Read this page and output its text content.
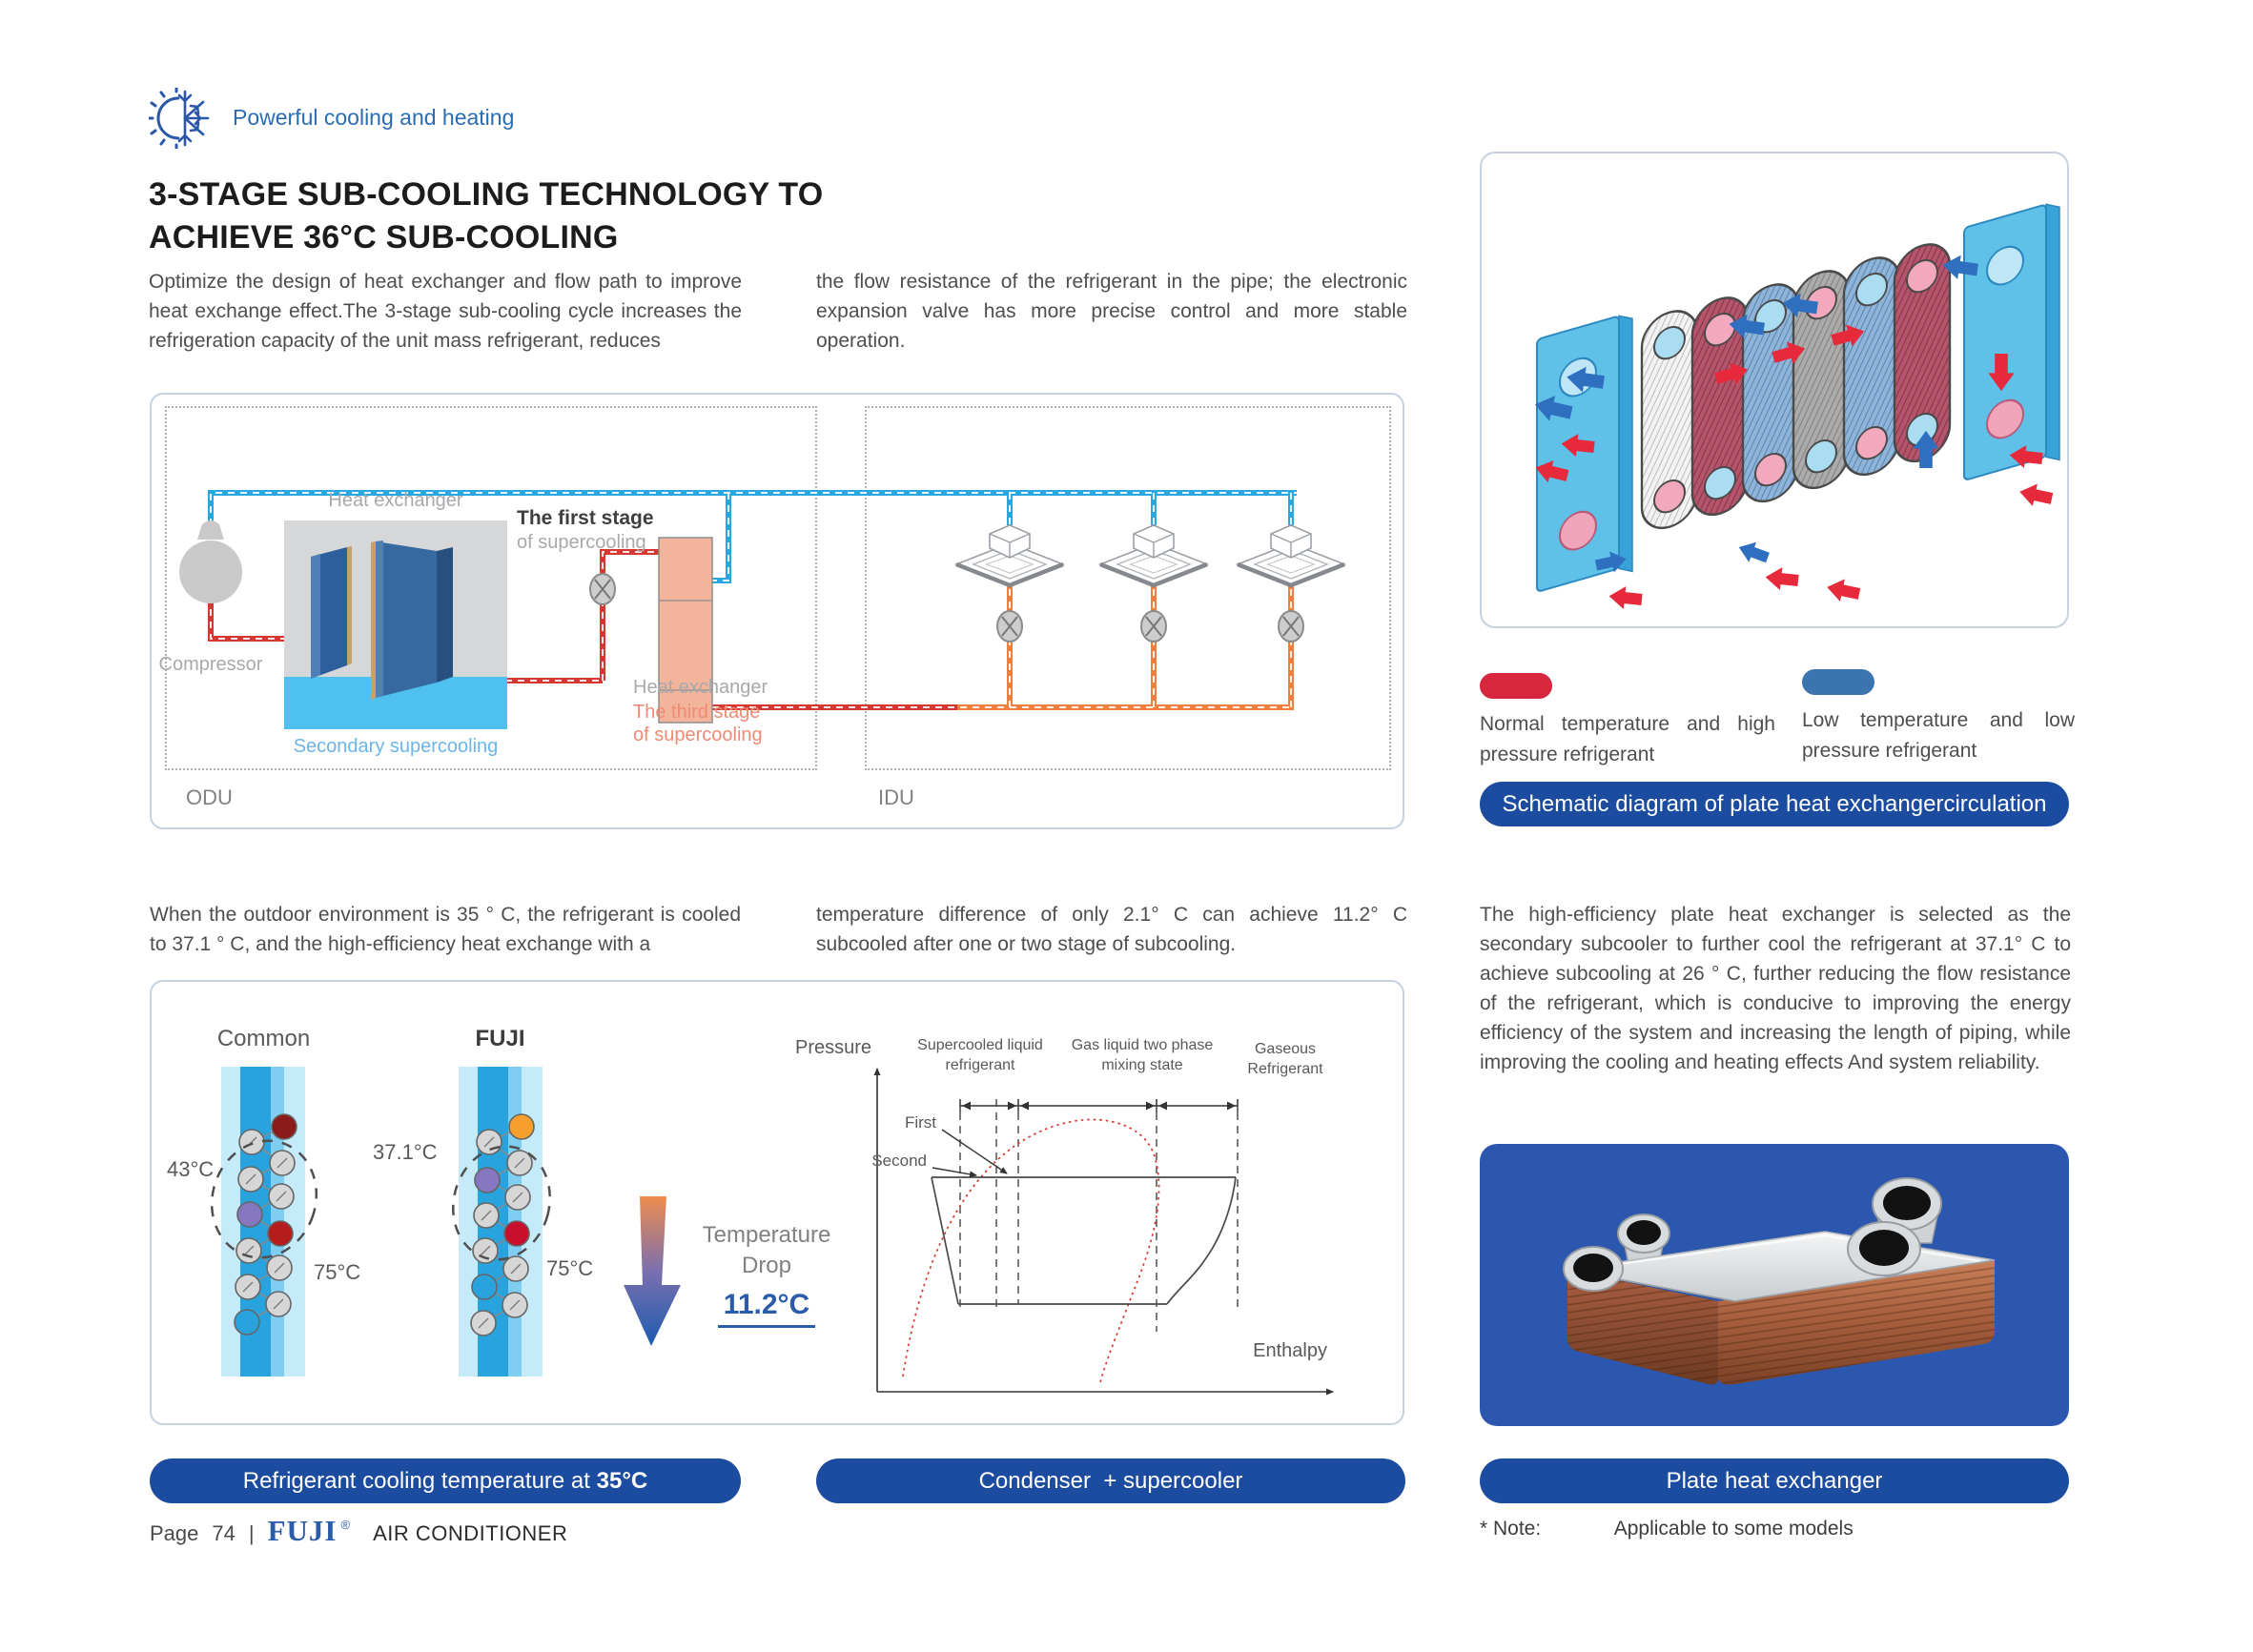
Powerful cooling and heating
3-STAGE SUB-COOLING TECHNOLOGY TO
ACHIEVE 36°C SUB-COOLING
Optimize the design of heat exchanger and flow path to improve heat exchange effect.The 3-stage sub-cooling cycle increases the refrigeration capacity of the unit mass refrigerant, reduces
the flow resistance of the refrigerant in the pipe; the electronic expansion valve has more precise control and more stable operation.
Heat exchanger
Secondary supercooling
Compressor
The first stage
of supercooling
Heat exchanger
The third stage
of supercooling
ODU	IDU
Normal temperature and high pressure refrigerant
Low temperature and low pressure refrigerant
Schematic diagram of plate heat exchangercirculation
When the outdoor environment is 35 ° C, the refrigerant is cooled to 37.1 ° C, and the high-efficiency heat exchange with a
temperature difference of only 2.1° C can achieve 11.2° C subcooled after one or two stage of subcooling.
The high-efficiency plate heat exchanger is selected as the secondary subcooler to further cool the refrigerant at 37.1° C to achieve subcooling at 26 ° C, further reducing the flow resistance of the refrigerant, which is conducive to improving the energy efficiency of the system and increasing the length of piping, while improving the cooling and heating effects And system reliability.
Common	FUJI
43°C
75°C
37.1°C
75°C
Temperature
Drop
11.2°C
Pressure
Enthalpy
Supercooled liquid
refrigerant
Gas liquid two phase
mixing state
Gaseous
Refrigerant
First
Second
Refrigerant cooling temperature at 35°C	Condenser  + supercooler	Plate heat exchanger
* Note:	Applicable to some models
Page 74 | FUJI ® AIR CONDITIONER
